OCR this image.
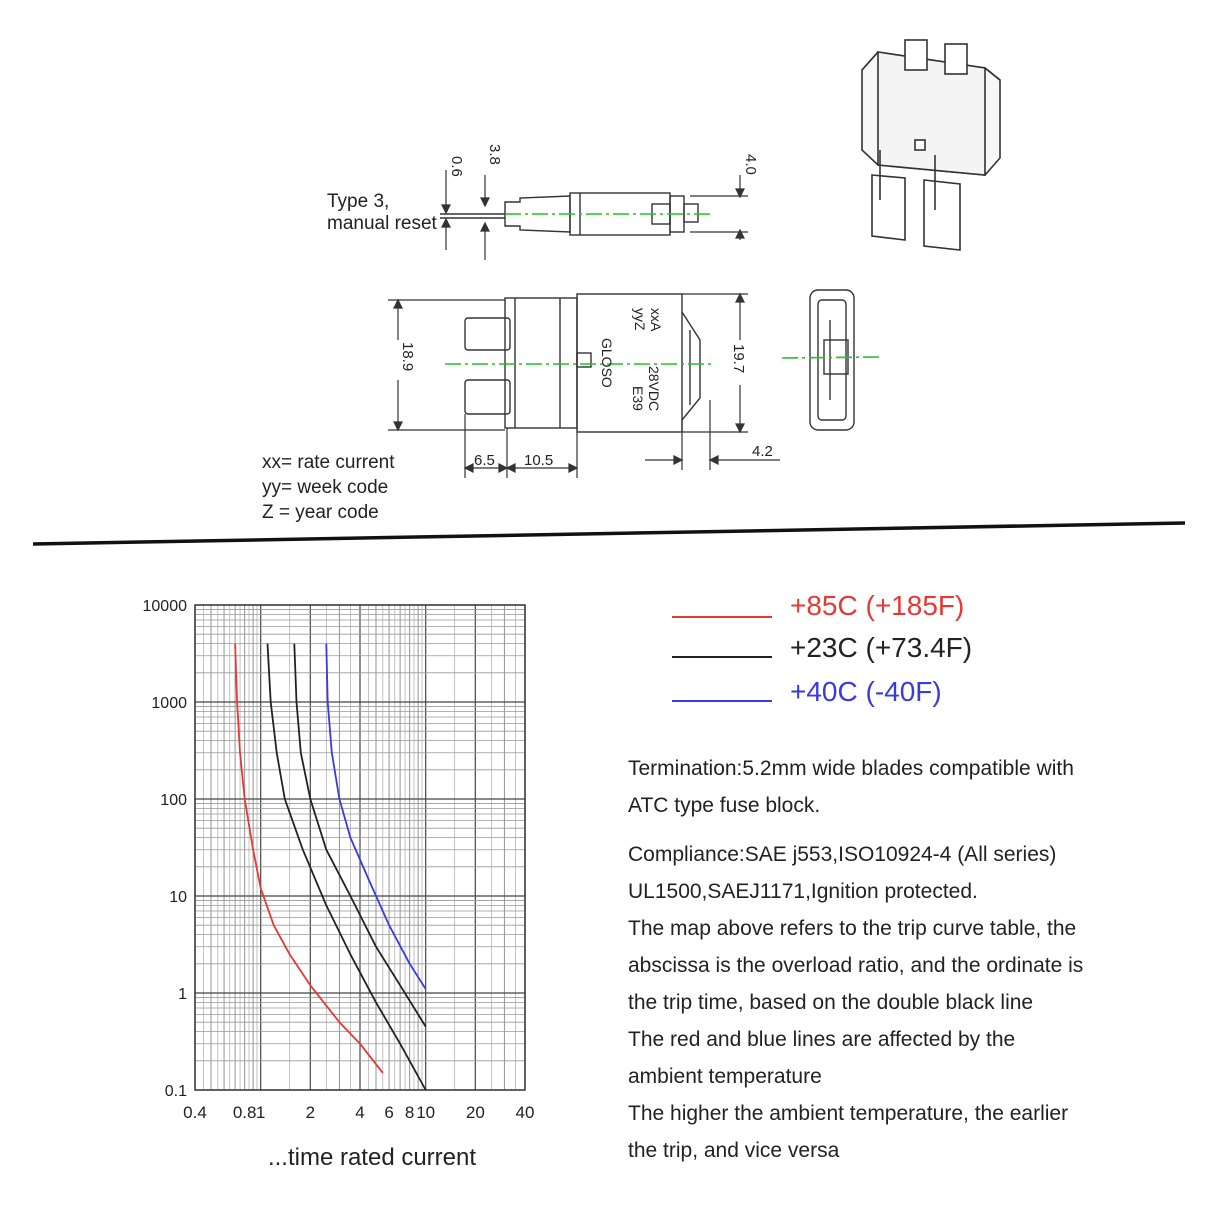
0.6
3.8	4.0
xxA
yyZ
GLOSO
28VDC
E39
18.9	19.7
6.5 10.5
4.2
Type 3,
manual reset
xx= rate current
yy= week code
Z = year code
10000
1000
100
10
1
0.1
0.4 0.8 1 2 4 6 8 10 20 40
...time rated current
+85C (+185F)
+23C (+73.4F)
+40C (-40F)

Termination:5.2mm wide blades compatible with

ATC type fuse block.

Compliance:SAE j553,ISO10924-4 (All series)

UL1500,SAEJ1171,Ignition protected.

The map above refers to the trip curve table, the

abscissa is the overload ratio, and the ordinate is

the trip time, based on the double black line

The red and blue lines are affected by the

ambient temperature

The higher the ambient temperature, the earlier

the trip, and vice versa
